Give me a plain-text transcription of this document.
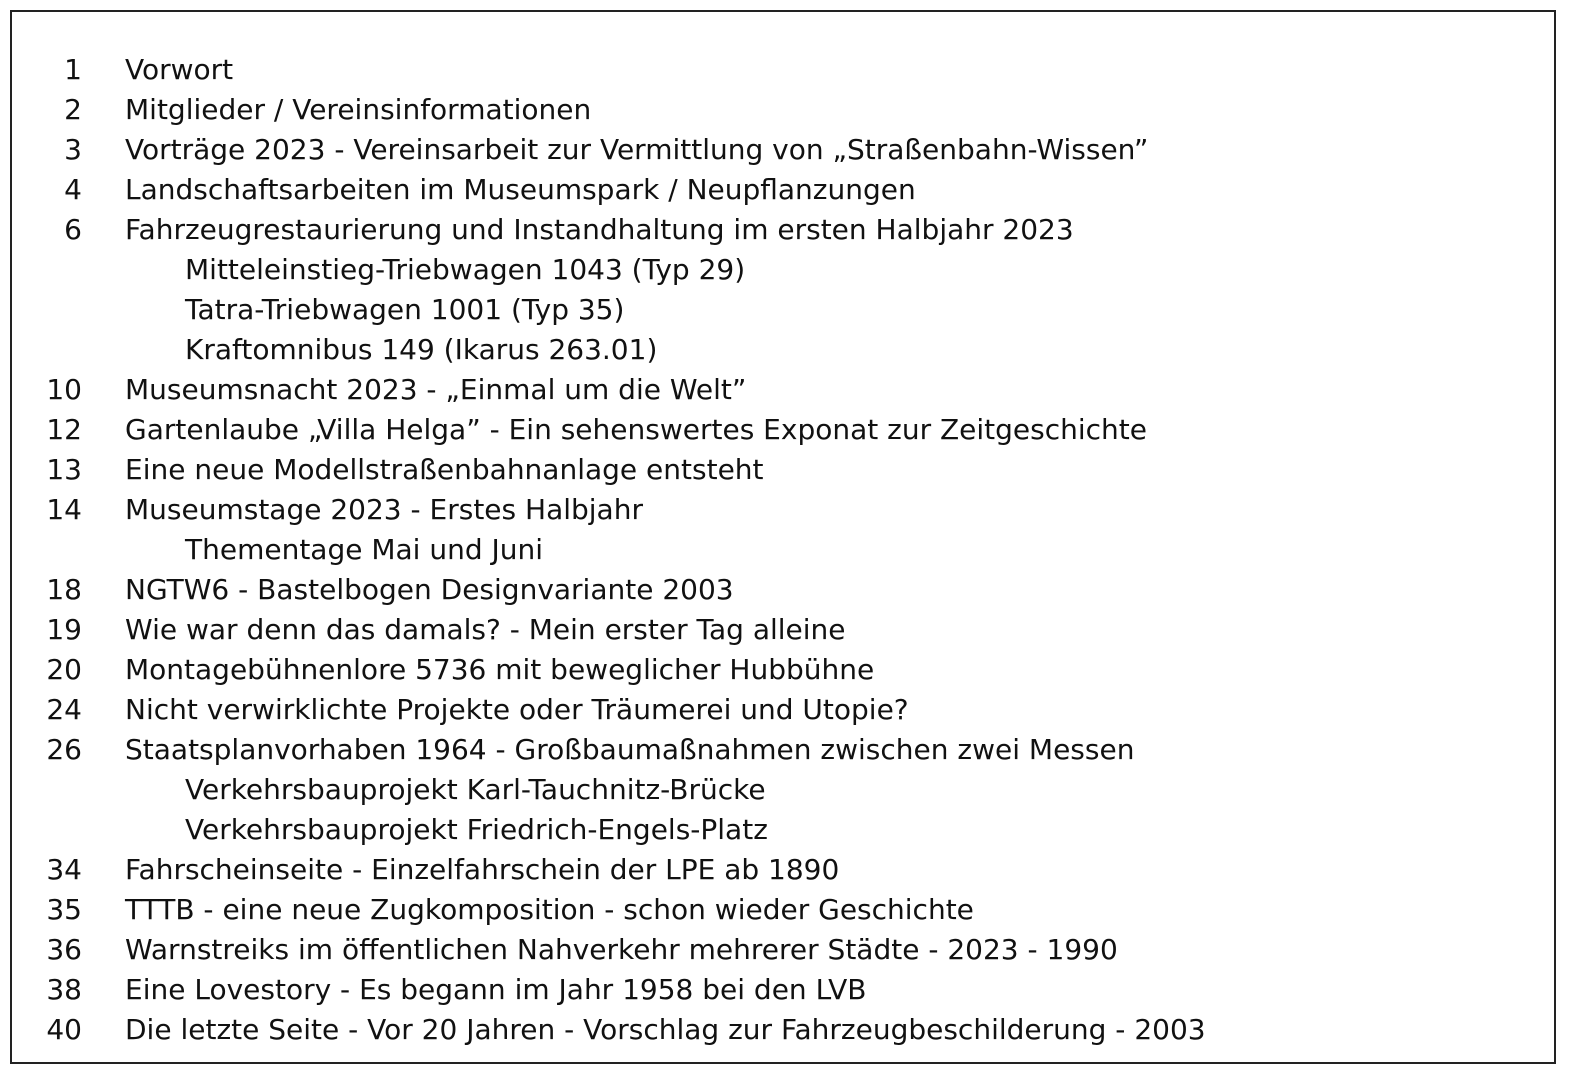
1 Vorwort
2 Mitglieder / Vereinsinformationen
3 Vorträge 2023 - Vereinsarbeit zur Vermittlung von „Straßenbahn-Wissen”
4 Landschaftsarbeiten im Museumspark / Neupflanzungen
6 Fahrzeugrestaurierung und Instandhaltung im ersten Halbjahr 2023
Mitteleinstieg-Triebwagen 1043 (Typ 29)
Tatra-Triebwagen 1001 (Typ 35)
Kraftomnibus 149 (Ikarus 263.01)
10 Museumsnacht 2023 - „Einmal um die Welt”
12 Gartenlaube „Villa Helga” - Ein sehenswertes Exponat zur Zeitgeschichte
13 Eine neue Modellstraßenbahnanlage entsteht
14 Museumstage 2023 - Erstes Halbjahr
Thementage Mai und Juni
18 NGTW6 - Bastelbogen Designvariante 2003
19 Wie war denn das damals? - Mein erster Tag alleine
20 Montagebühnenlore 5736 mit beweglicher Hubbühne
24 Nicht verwirklichte Projekte oder Träumerei und Utopie?
26 Staatsplanvorhaben 1964 - Großbaumaßnahmen zwischen zwei Messen
Verkehrsbauprojekt Karl-Tauchnitz-Brücke
Verkehrsbauprojekt Friedrich-Engels-Platz
34 Fahrscheinseite - Einzelfahrschein der LPE ab 1890
35 TTTB - eine neue Zugkomposition - schon wieder Geschichte
36 Warnstreiks im öffentlichen Nahverkehr mehrerer Städte - 2023 - 1990
38 Eine Lovestory - Es begann im Jahr 1958 bei den LVB
40 Die letzte Seite - Vor 20 Jahren - Vorschlag zur Fahrzeugbeschilderung - 2003
